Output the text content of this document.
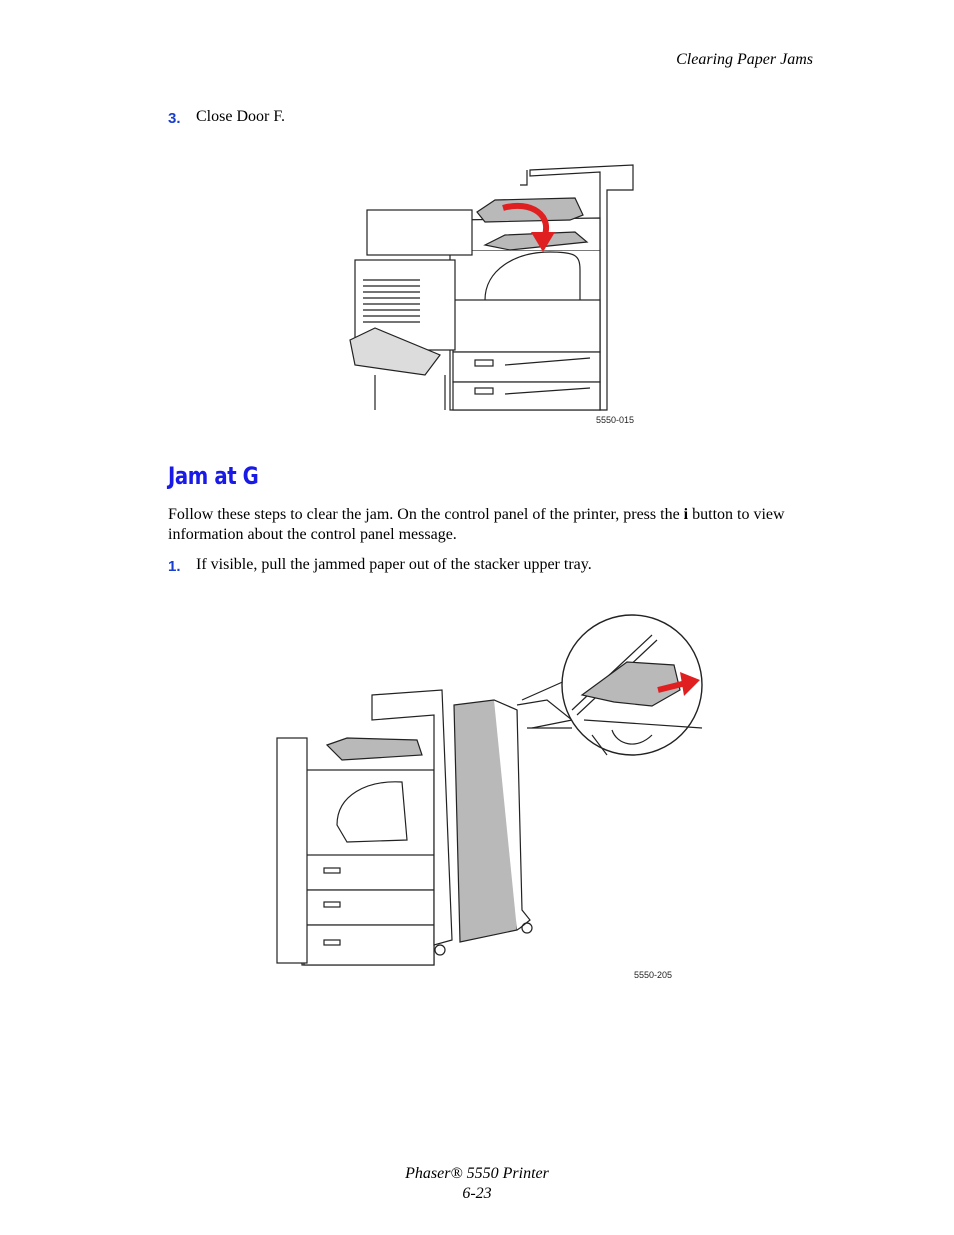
Clearing Paper Jams
3. Close Door F.
5550-015
Jam at G
Follow these steps to clear the jam. On the control panel of the printer, press the i button to view information about the control panel message.
1. If visible, pull the jammed paper out of the stacker upper tray.
5550-205
Phaser® 5550 Printer
6-23
